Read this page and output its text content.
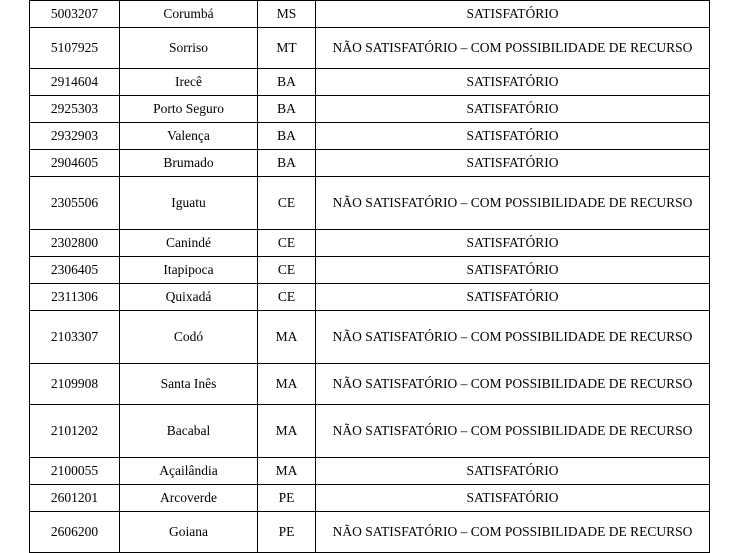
5003207	Corumbá	MS	SATISFATÓRIO
5107925	Sorriso	MT	NÃO SATISFATÓRIO – COM POSSIBILIDADE DE RECURSO
2914604	Irecê	BA	SATISFATÓRIO
2925303	Porto Seguro	BA	SATISFATÓRIO
2932903	Valença	BA	SATISFATÓRIO
2904605	Brumado	BA	SATISFATÓRIO
2305506	Iguatu	CE	NÃO SATISFATÓRIO – COM POSSIBILIDADE DE RECURSO
2302800	Canindé	CE	SATISFATÓRIO
2306405	Itapipoca	CE	SATISFATÓRIO
2311306	Quixadá	CE	SATISFATÓRIO
2103307	Codó	MA	NÃO SATISFATÓRIO – COM POSSIBILIDADE DE RECURSO
2109908	Santa Inês	MA	NÃO SATISFATÓRIO – COM POSSIBILIDADE DE RECURSO
2101202	Bacabal	MA	NÃO SATISFATÓRIO – COM POSSIBILIDADE DE RECURSO
2100055	Açailândia	MA	SATISFATÓRIO
2601201	Arcoverde	PE	SATISFATÓRIO
2606200	Goiana	PE	NÃO SATISFATÓRIO – COM POSSIBILIDADE DE RECURSO
